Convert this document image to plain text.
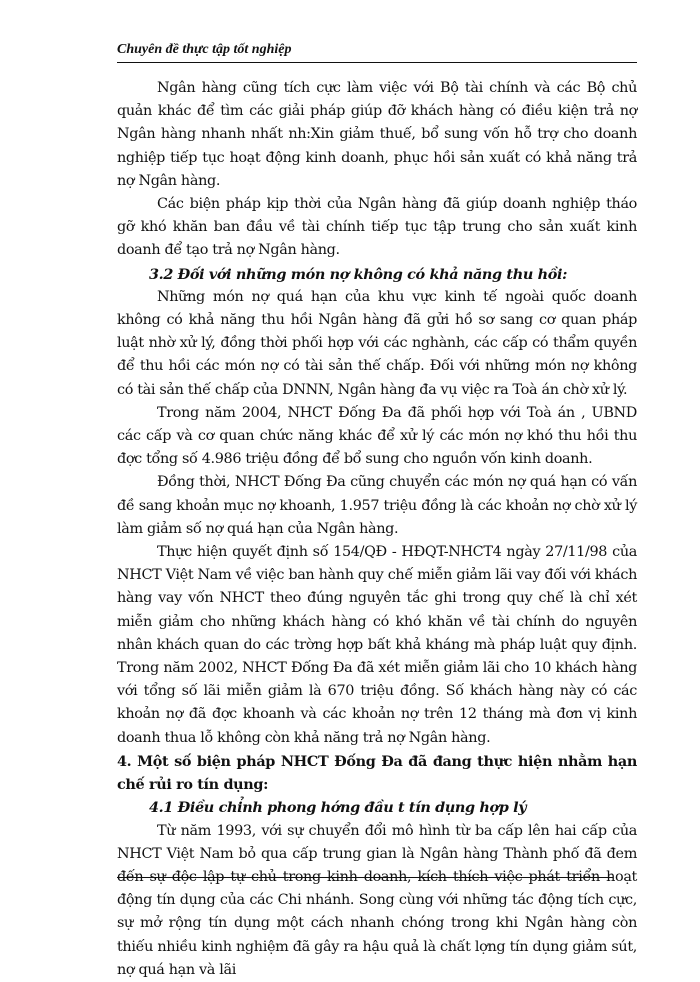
Chuyên đề thực tập tốt nghiệp

Ngân hàng cũng tích cực làm việc với Bộ tài chính và các Bộ chủ quản khác để tìm các giải pháp giúp đỡ khách hàng có điều kiện trả nợ Ngân hàng nhanh nhất nh:Xin giảm thuế, bổ sung vốn hỗ trợ cho doanh nghiệp tiếp tục hoạt động kinh doanh, phục hồi sản xuất có khả năng trả nợ Ngân hàng.

Các biện pháp kịp thời của Ngân hàng đã giúp doanh nghiệp tháo gỡ khó khăn ban đầu về tài chính tiếp tục tập trung cho sản xuất kinh doanh để tạo trả nợ Ngân hàng.

3.2 Đối với những món nợ không có khả năng thu hồi:

Những món nợ quá hạn của khu vực kinh tế ngoài quốc doanh không có khả năng thu hồi Ngân hàng đã gửi hồ sơ sang cơ quan pháp luật nhờ xử lý, đồng thời phối hợp với các nghành, các cấp có thẩm quyền để thu hồi các món nợ có tài sản thế chấp. Đối với những món nợ không có tài sản thế chấp của DNNN, Ngân hàng đa vụ việc ra Toà án chờ xử lý.

Trong năm 2004, NHCT Đống Đa đã phối hợp với Toà án , UBND các cấp và cơ quan chức năng khác để xử lý các món nợ khó thu hồi thu đợc tổng số 4.986 triệu đồng để bổ sung cho nguồn vốn kinh doanh.

Đồng thời, NHCT Đống Đa cũng chuyển các món nợ quá hạn có vấn đề sang khoản mục nợ khoanh, 1.957 triệu đồng là các khoản nợ chờ xử lý làm giảm số nợ quá hạn của Ngân hàng.

Thực hiện quyết định số 154/QĐ - HĐQT-NHCT4 ngày 27/11/98 của NHCT Việt Nam về việc ban hành quy chế miễn giảm lãi vay đối với khách hàng vay vốn NHCT theo đúng nguyên tắc ghi trong quy chế là chỉ xét miễn giảm cho những khách hàng có khó khăn về tài chính do nguyên nhân khách quan do các trờng hợp bất khả kháng mà pháp luật quy định. Trong năm 2002, NHCT Đống Đa đã xét miễn giảm lãi cho 10 khách hàng với tổng số lãi miễn giảm là 670 triệu đồng. Số khách hàng này có các khoản nợ đã đợc khoanh và các khoản nợ trên 12 tháng mà đơn vị kinh doanh thua lỗ không còn khả năng trả nợ Ngân hàng.

4. Một số biện pháp NHCT Đống Đa đã đang thực hiện nhằm hạn chế rủi ro tín dụng:

4.1 Điều chỉnh phong hớng đầu t tín dụng hợp lý

Từ năm 1993, với sự chuyển đổi mô hình từ ba cấp lên hai cấp của NHCT Việt Nam bỏ qua cấp trung gian là Ngân hàng Thành phố đã đem đến sự độc lập tự chủ trong kinh doanh, kích thích việc phát triển hoạt động tín dụng của các Chi nhánh. Song cùng với những tác động tích cực, sự mở rộng tín dụng một cách nhanh chóng trong khi Ngân hàng còn thiếu nhiều kinh nghiệm đã gây ra hậu quả là chất lợng tín dụng giảm sút, nợ quá hạn và lãi
